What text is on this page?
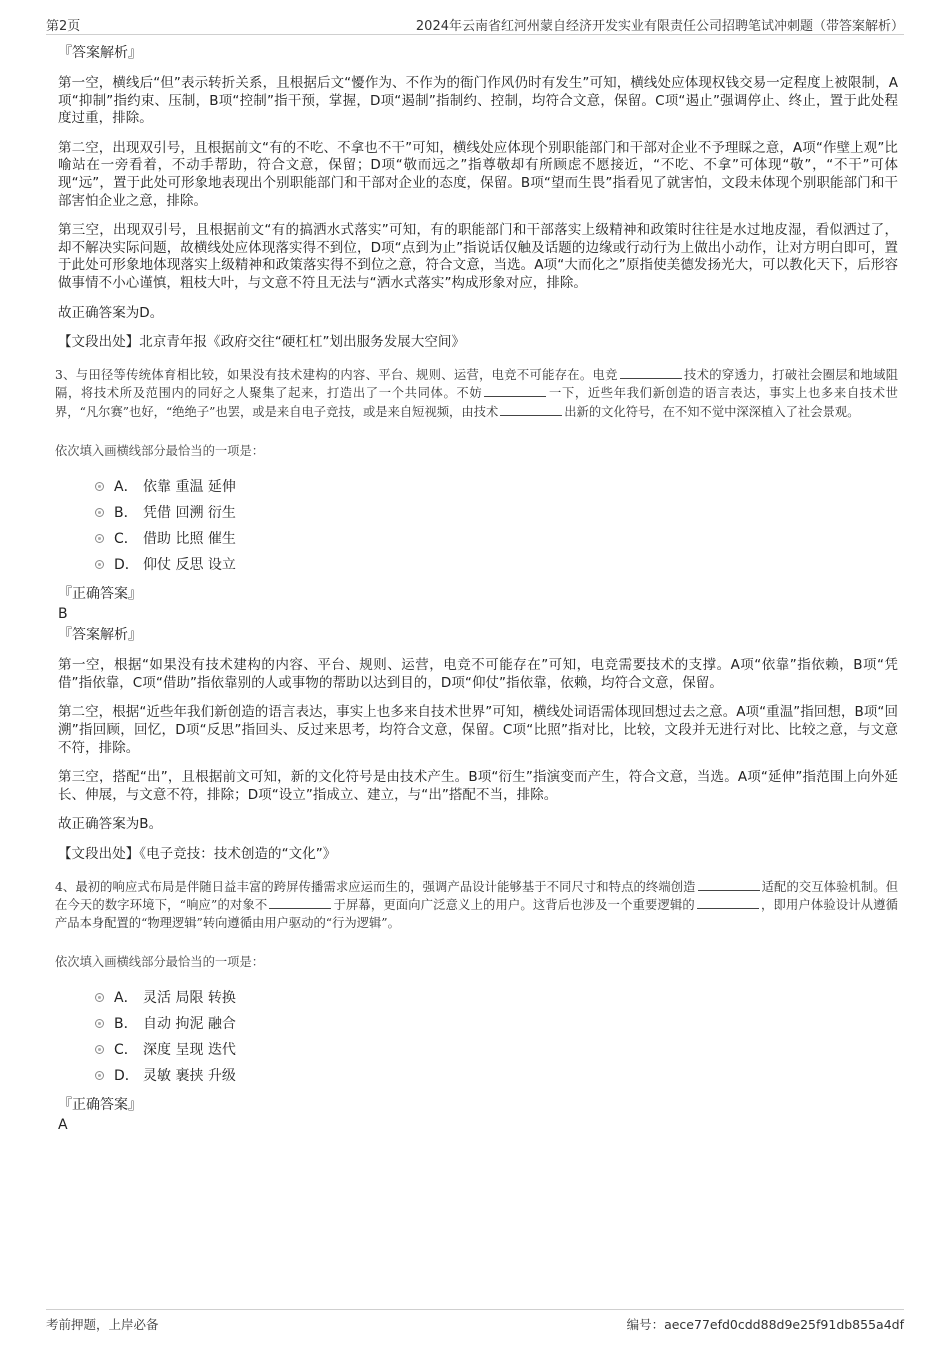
第2页	2024年云南省红河州蒙自经济开发实业有限责任公司招聘笔试冲刺题（带答案解析）
『答案解析』

第一空，横线后“但”表示转折关系，且根据后文“懮作为、不作为的衙门作风仍时有发生”可知，横线处应体现权钱交易一定程度上被限制，A项“抑制”指约束、压制，B项“控制”指干预，掌握，D项“遏制”指制约、控制，均符合文意，保留。C项“遏止”强调停止、终止，置于此处程度过重，排除。

第二空，出现双引号，且根据前文“有的不吃、不拿也不干”可知，横线处应体现个别职能部门和干部对企业不予理睬之意，A项“作壁上观”比喻站在一旁看着，不动手帮助，符合文意，保留；D项“敬而远之”指尊敬却有所顾虑不愿接近，“不吃、不拿”可体现“敬”，“不干”可体现“远”，置于此处可形象地表现出个别职能部门和干部对企业的态度，保留。B项“望而生畏”指看见了就害怕，文段未体现个别职能部门和干部害怕企业之意，排除。

第三空，出现双引号，且根据前文“有的搞洒水式落实”可知，有的职能部门和干部落实上级精神和政策时往往是水过地皮湿，看似洒过了，却不解决实际问题，故横线处应体现落实得不到位，D项“点到为止”指说话仅触及话题的边缘或行动行为上做出小动作，让对方明白即可，置于此处可形象地体现落实上级精神和政策落实得不到位之意，符合文意，当选。A项“大而化之”原指使美德发扬光大，可以教化天下，后形容做事情不小心谨慎，粗枝大叶，与文意不符且无法与“洒水式落实”构成形象对应，排除。

故正确答案为D。

【文段出处】北京青年报《政府交往“硬杠杠”划出服务发展大空间》

3、与田径等传统体育相比较，如果没有技术建构的内容、平台、规则、运营，电竞不可能存在。电竞	技术的穿透力，打破社会圈层和地域阻隔，将技术所及范围内的同好之人聚集了起来，打造出了一个共同体。不妨	一下，近些年我们新创造的语言表达，事实上也多来自技术世界，“凡尔赛”也好，“绝绝子”也罢，或是来自电子竞技，或是来自短视频，由技术	出新的文化符号，在不知不觉中深深植入了社会景观。
依次填入画横线部分最恰当的一项是：
A． 依靠 重温 延伸
B． 凭借 回溯 衍生
C． 借助 比照 催生
D． 仰仗 反思 设立
『正确答案』
B
『答案解析』

第一空，根据“如果没有技术建构的内容、平台、规则、运营，电竞不可能存在”可知，电竞需要技术的支撑。A项“依靠”指依赖，B项“凭借”指依靠，C项“借助”指依靠别的人或事物的帮助以达到目的，D项“仰仗”指依靠，依赖，均符合文意，保留。

第二空，根据“近些年我们新创造的语言表达，事实上也多来自技术世界”可知，横线处词语需体现回想过去之意。A项“重温”指回想，B项“回溯”指回顾，回忆，D项“反思”指回头、反过来思考，均符合文意，保留。C项“比照”指对比，比较，文段并无进行对比、比较之意，与文意不符，排除。

第三空，搭配“出”，且根据前文可知，新的文化符号是由技术产生。B项“衍生”指演变而产生，符合文意，当选。A项“延伸”指范围上向外延长、伸展，与文意不符，排除；D项“设立”指成立、建立，与“出”搭配不当，排除。

故正确答案为B。

【文段出处】《电子竞技：技术创造的“文化”》

4、最初的响应式布局是伴随日益丰富的跨屏传播需求应运而生的，强调产品设计能够基于不同尺寸和特点的终端创造	适配的交互体验机制。但在今天的数字环境下，“响应”的对象不	于屏幕，更面向广泛意义上的用户。这背后也涉及一个重要逻辑的	，即用户体验设计从遵循产品本身配置的“物理逻辑”转向遵循由用户驱动的“行为逻辑”。
依次填入画横线部分最恰当的一项是：
A． 灵活 局限 转换
B． 自动 拘泥 融合
C． 深度 呈现 迭代
D． 灵敏 裹挟 升级
『正确答案』
A
考前押题，上岸必备	编号：aece77efd0cdd88d9e25f91db855a4df
